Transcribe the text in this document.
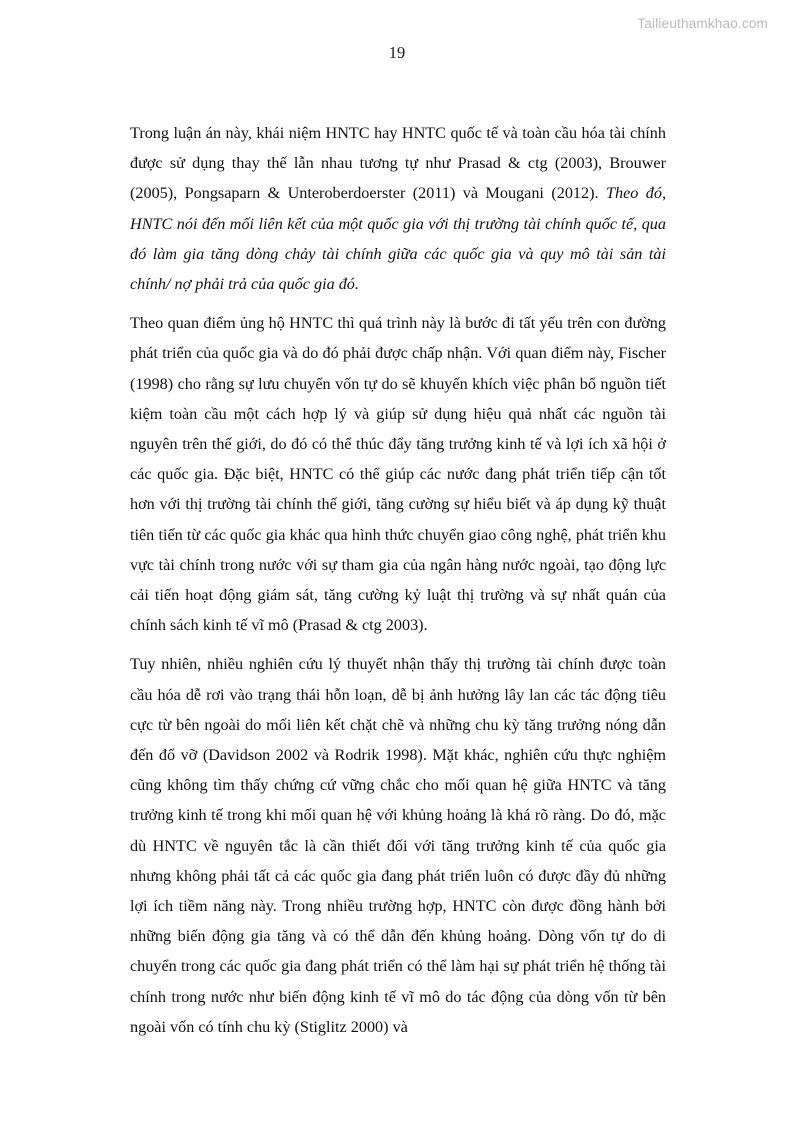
Tailieuthamkhao.com
19

Trong luận án này, khái niệm HNTC hay HNTC quốc tế và toàn cầu hóa tài chính được sử dụng thay thế lẫn nhau tương tự như Prasad & ctg (2003), Brouwer (2005), Pongsaparn & Unteroberdoerster (2011) và Mougani (2012). Theo đó, HNTC nói đến mối liên kết của một quốc gia với thị trường tài chính quốc tế, qua đó làm gia tăng dòng chảy tài chính giữa các quốc gia và quy mô tài sản tài chính/ nợ phải trả của quốc gia đó.

Theo quan điểm ủng hộ HNTC thì quá trình này là bước đi tất yếu trên con đường phát triển của quốc gia và do đó phải được chấp nhận. Với quan điểm này, Fischer (1998) cho rằng sự lưu chuyển vốn tự do sẽ khuyến khích việc phân bổ nguồn tiết kiệm toàn cầu một cách hợp lý và giúp sử dụng hiệu quả nhất các nguồn tài nguyên trên thế giới, do đó có thể thúc đẩy tăng trưởng kinh tế và lợi ích xã hội ở các quốc gia. Đặc biệt, HNTC có thể giúp các nước đang phát triển tiếp cận tốt hơn với thị trường tài chính thế giới, tăng cường sự hiểu biết và áp dụng kỹ thuật tiên tiến từ các quốc gia khác qua hình thức chuyển giao công nghệ, phát triển khu vực tài chính trong nước với sự tham gia của ngân hàng nước ngoài, tạo động lực cải tiến hoạt động giám sát, tăng cường kỷ luật thị trường và sự nhất quán của chính sách kinh tế vĩ mô (Prasad & ctg 2003).

Tuy nhiên, nhiều nghiên cứu lý thuyết nhận thấy thị trường tài chính được toàn cầu hóa dễ rơi vào trạng thái hỗn loạn, dễ bị ảnh hưởng lây lan các tác động tiêu cực từ bên ngoài do mối liên kết chặt chẽ và những chu kỳ tăng trưởng nóng dẫn đến đổ vỡ (Davidson 2002 và Rodrik 1998). Mặt khác, nghiên cứu thực nghiệm cũng không tìm thấy chứng cứ vững chắc cho mối quan hệ giữa HNTC và tăng trưởng kinh tế trong khi mối quan hệ với khủng hoảng là khá rõ ràng. Do đó, mặc dù HNTC về nguyên tắc là cần thiết đối với tăng trưởng kinh tế của quốc gia nhưng không phải tất cả các quốc gia đang phát triển luôn có được đầy đủ những lợi ích tiềm năng này. Trong nhiều trường hợp, HNTC còn được đồng hành bởi những biến động gia tăng và có thể dẫn đến khủng hoảng. Dòng vốn tự do di chuyển trong các quốc gia đang phát triển có thể làm hại sự phát triển hệ thống tài chính trong nước như biến động kinh tế vĩ mô do tác động của dòng vốn từ bên ngoài vốn có tính chu kỳ (Stiglitz 2000) và
